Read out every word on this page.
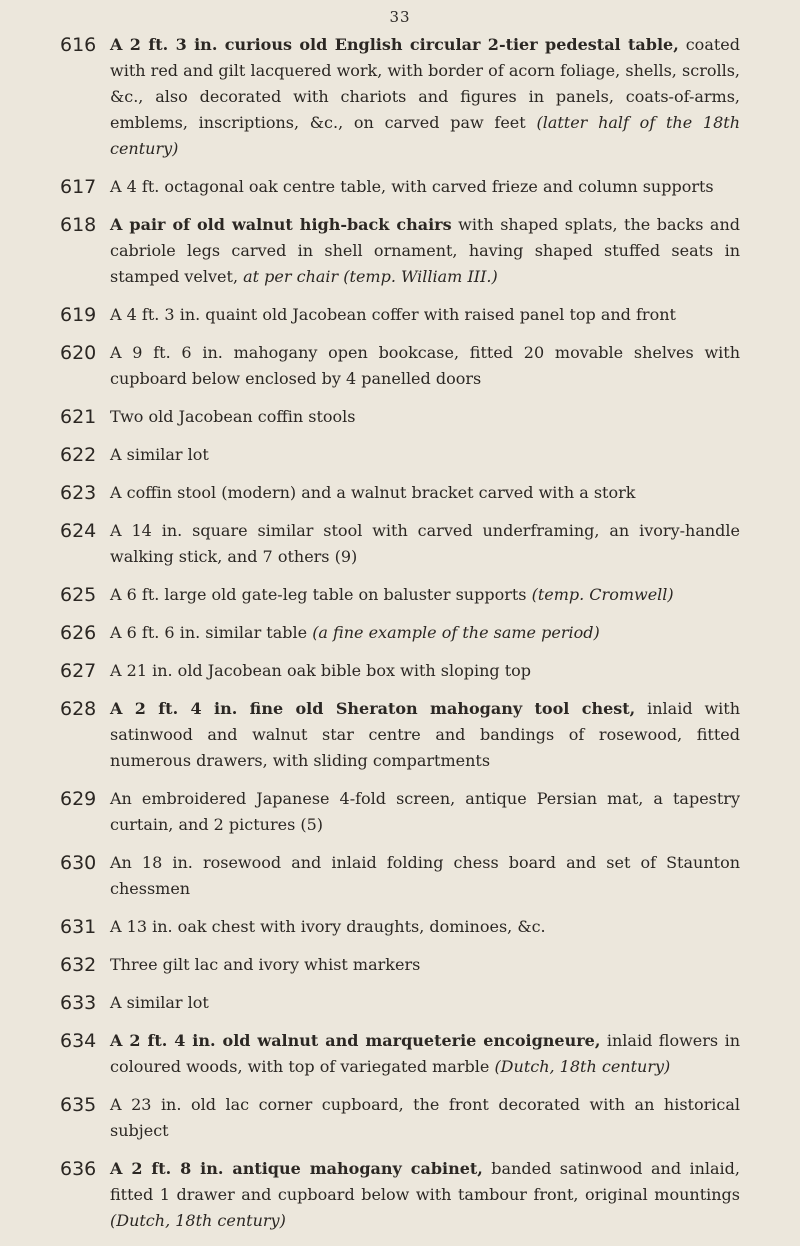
33
616 A 2 ft. 3 in. curious old English circular 2-tier pedestal table, coated with red and gilt lacquered work, with border of acorn foliage, shells, scrolls, &c., also decorated with chariots and figures in panels, coats-of-arms, emblems, inscriptions, &c., on carved paw feet (latter half of the 18th century)
617 A 4 ft. octagonal oak centre table, with carved frieze and column supports
618 A pair of old walnut high-back chairs with shaped splats, the backs and cabriole legs carved in shell ornament, having shaped stuffed seats in stamped velvet, at per chair (temp. William III.)
619 A 4 ft. 3 in. quaint old Jacobean coffer with raised panel top and front
620 A 9 ft. 6 in. mahogany open bookcase, fitted 20 movable shelves with cupboard below enclosed by 4 panelled doors
621 Two old Jacobean coffin stools
622 A similar lot
623 A coffin stool (modern) and a walnut bracket carved with a stork
624 A 14 in. square similar stool with carved underframing, an ivory-handle walking stick, and 7 others (9)
625 A 6 ft. large old gate-leg table on baluster supports (temp. Cromwell)
626 A 6 ft. 6 in. similar table (a fine example of the same period)
627 A 21 in. old Jacobean oak bible box with sloping top
628 A 2 ft. 4 in. fine old Sheraton mahogany tool chest, inlaid with satinwood and walnut star centre and bandings of rosewood, fitted numerous drawers, with sliding compartments
629 An embroidered Japanese 4-fold screen, antique Persian mat, a tapestry curtain, and 2 pictures (5)
630 An 18 in. rosewood and inlaid folding chess board and set of Staunton chessmen
631 A 13 in. oak chest with ivory draughts, dominoes, &c.
632 Three gilt lac and ivory whist markers
633 A similar lot
634 A 2 ft. 4 in. old walnut and marqueterie encoigneure, inlaid flowers in coloured woods, with top of variegated marble (Dutch, 18th century)
635 A 23 in. old lac corner cupboard, the front decorated with an historical subject
636 A 2 ft. 8 in. antique mahogany cabinet, banded satinwood and inlaid, fitted 1 drawer and cupboard below with tambour front, original mountings (Dutch, 18th century)
